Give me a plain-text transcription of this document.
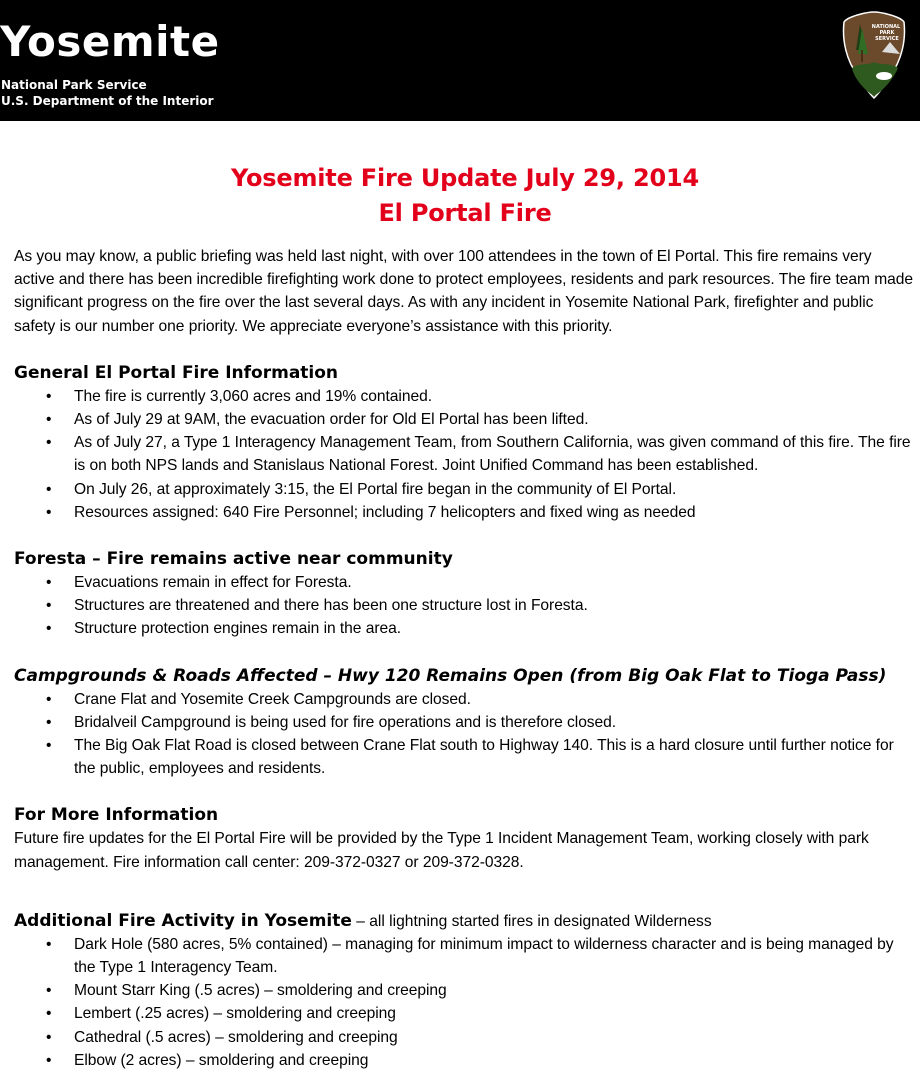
Yosemite
National Park Service
U.S. Department of the Interior
NATIONAL
PARK
SERVICE
Yosemite Fire Update July 29, 2014
El Portal Fire

As you may know, a public briefing was held last night, with over 100 attendees in the town of El Portal. This fire remains very active and there has been incredible firefighting work done to protect employees, residents and park resources. The fire team made significant progress on the fire over the last several days. As with any incident in Yosemite National Park, firefighter and public safety is our number one priority. We appreciate everyone’s assistance with this priority.

General El Portal Fire Information
• The fire is currently 3,060 acres and 19% contained.
• As of July 29 at 9AM, the evacuation order for Old El Portal has been lifted.
• As of July 27, a Type 1 Interagency Management Team, from Southern California, was given command of this fire. The fire is on both NPS lands and Stanislaus National Forest. Joint Unified Command has been established.
• On July 26, at approximately 3:15, the El Portal fire began in the community of El Portal.
• Resources assigned: 640 Fire Personnel; including 7 helicopters and fixed wing as needed
Foresta – Fire remains active near community
• Evacuations remain in effect for Foresta.
• Structures are threatened and there has been one structure lost in Foresta.
• Structure protection engines remain in the area.
Campgrounds & Roads Affected – Hwy 120 Remains Open (from Big Oak Flat to Tioga Pass)
• Crane Flat and Yosemite Creek Campgrounds are closed.
• Bridalveil Campground is being used for fire operations and is therefore closed.
• The Big Oak Flat Road is closed between Crane Flat south to Highway 140. This is a hard closure until further notice for the public, employees and residents.
For More Information

Future fire updates for the El Portal Fire will be provided by the Type 1 Incident Management Team, working closely with park management. Fire information call center: 209-372-0327 or 209-372-0328.

Additional Fire Activity in Yosemite – all lightning started fires in designated Wilderness
• Dark Hole (580 acres, 5% contained) – managing for minimum impact to wilderness character and is being managed by the Type 1 Interagency Team.
• Mount Starr King (.5 acres) – smoldering and creeping
• Lembert (.25 acres) – smoldering and creeping
• Cathedral (.5 acres) – smoldering and creeping
• Elbow (2 acres) – smoldering and creeping
